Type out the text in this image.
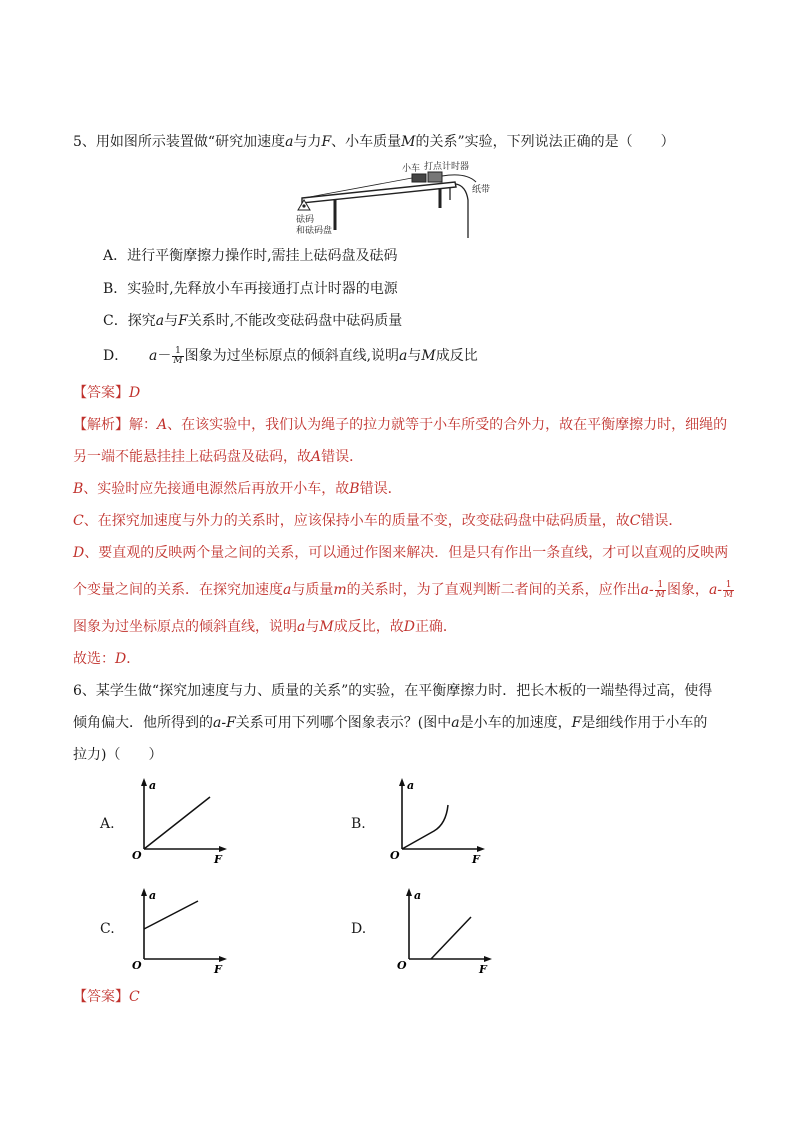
5、用如图所示装置做“研究加速度a与力F、小车质量M的关系”实验，下列说法正确的是（　　）
小车 打点计时器
纸带
砝码
和砝码盘
A．进行平衡摩擦力操作时,需挂上砝码盘及砝码
B．实验时,先释放小车再接通打点计时器的电源
C．探究a与F关系时,不能改变砝码盘中砝码质量
D． $a- \frac{1}{M}$ 图象为过坐标原点的倾斜直线,说明a与M成反比
【答案】D
【解析】解：A、在该实验中，我们认为绳子的拉力就等于小车所受的合外力，故在平衡摩擦力时，细绳的
另一端不能悬挂挂上砝码盘及砝码，故A错误．
B、实验时应先接通电源然后再放开小车，故B错误．
C、在探究加速度与外力的关系时，应该保持小车的质量不变，改变砝码盘中砝码质量，故C错误．
D、要直观的反映两个量之间的关系，可以通过作图来解决．但是只有作出一条直线，才可以直观的反映两
个变量之间的关系．在探究加速度a与质量m的关系时，为了直观判断二者间的关系，应作出$a- \frac{1}{M}$ 图象，$a- \frac{1}{M}$
图象为过坐标原点的倾斜直线，说明a与M成反比，故D正确．
故选：D．
6、某学生做“探究加速度与力、质量的关系”的实验，在平衡摩擦力时．把长木板的一端垫得过高，使得
倾角偏大．他所得到的a-F关系可用下列哪个图象表示？(图中a是小车的加速度，F是细线作用于小车的
拉力)（　　）
A.
a
F
O
B.
a
F
O
C.
a
F
O
D.
a
F
O
【答案】C
